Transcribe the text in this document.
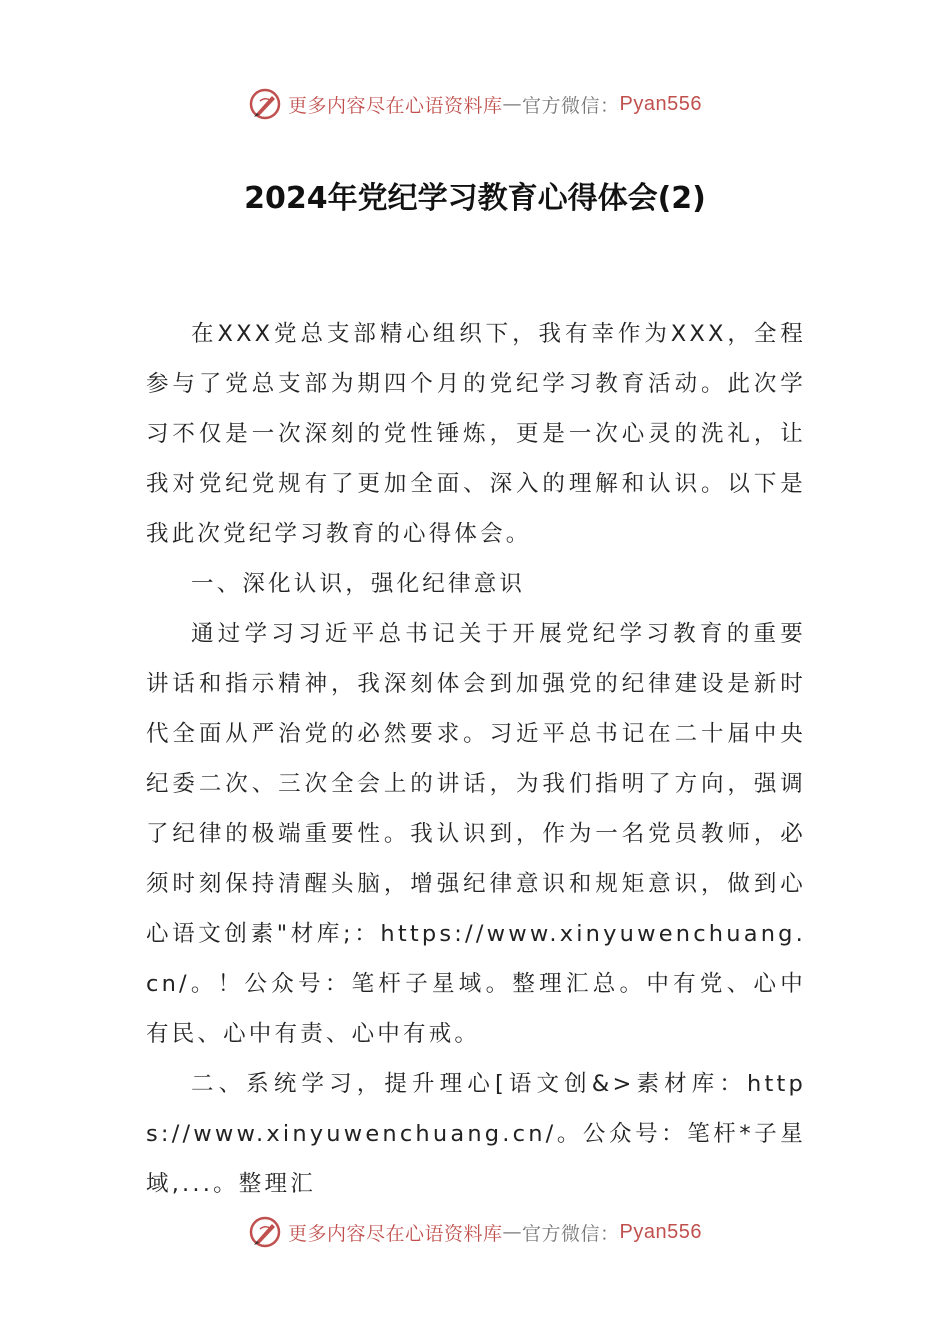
更多内容尽在心语资料库 — 官方微信： Pyan556
2024年党纪学习教育心得体会(2)

在XXX党总支部精心组织下，我有幸作为XXX，全程参与了党总支部为期四个月的党纪学习教育活动。此次学习不仅是一次深刻的党性锤炼，更是一次心灵的洗礼，让我对党纪党规有了更加全面、深入的理解和认识。以下是我此次党纪学习教育的心得体会。

一、深化认识，强化纪律意识

通过学习习近平总书记关于开展党纪学习教育的重要讲话和指示精神，我深刻体会到加强党的纪律建设是新时代全面从严治党的必然要求。习近平总书记在二十届中央纪委二次、三次全会上的讲话，为我们指明了方向，强调了纪律的极端重要性。我认识到，作为一名党员教师，必须时刻保持清醒头脑，增强纪律意识和规矩意识，做到心心语文创素"材库;：https://www.xinyuwenchuang.cn/。！公众号：笔杆子星域。整理汇总。中有党、心中有民、心中有责、心中有戒。

二、系统学习，提升理心[语文创&>素材库：https://www.xinyuwenchuang.cn/。公众号：笔杆*子星域,...。整理汇

更多内容尽在心语资料库 — 官方微信： Pyan556
